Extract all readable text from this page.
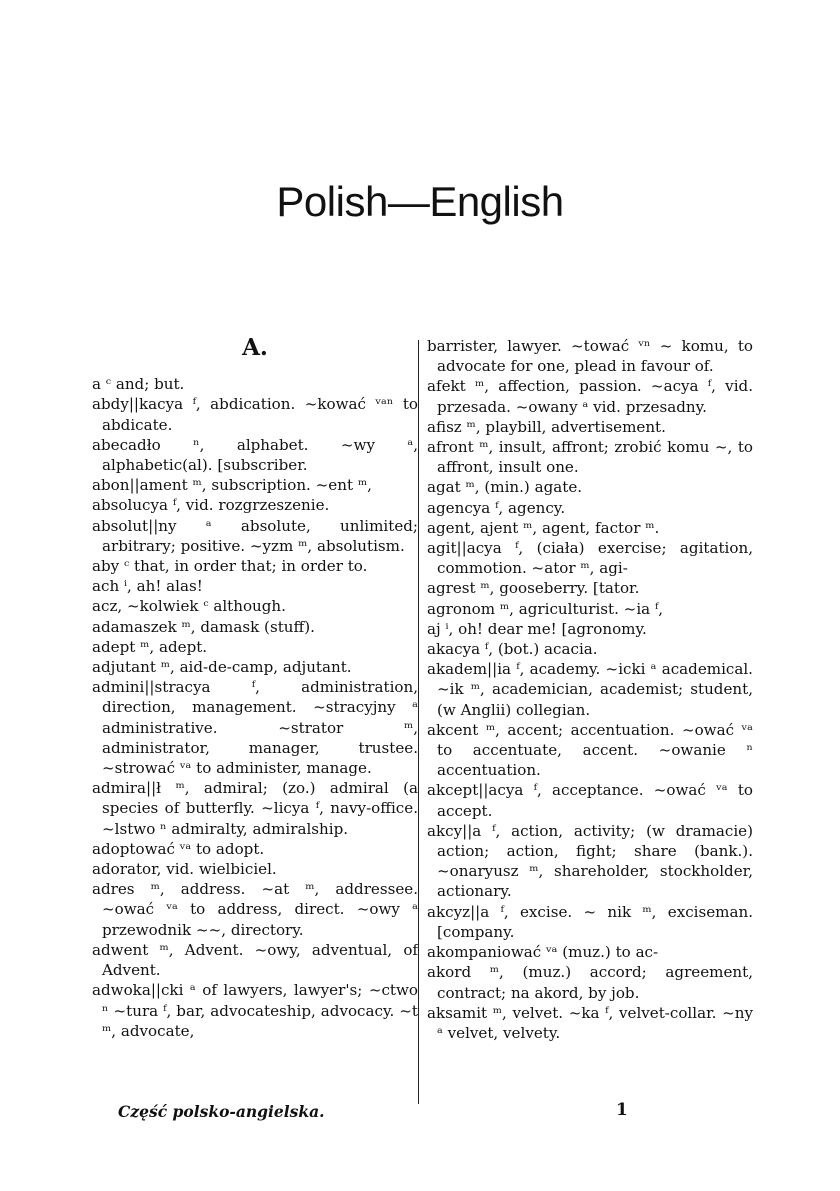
Polish—English
A.
a ᶜ and; but.
abdy||kacya ᶠ, abdication. ~kować ᵛᵃⁿ to abdicate.
abecadło ⁿ, alphabet. ~wy ᵃ, alphabetic(al). [subscriber.
abon||ament ᵐ, subscription. ~ent ᵐ,
absolucya ᶠ, vid. rozgrzeszenie.
absolut||ny ᵃ absolute, unlimited; arbitrary; positive. ~yzm ᵐ, absolutism.
aby ᶜ that, in order that; in order to.
ach ⁱ, ah! alas!
acz, ~kolwiek ᶜ although.
adamaszek ᵐ, damask (stuff).
adept ᵐ, adept.
adjutant ᵐ, aid-de-camp, adjutant.
admini||stracya ᶠ, administration, direction, management. ~stracyjny ᵃ administrative. ~strator ᵐ, administrator, manager, trustee. ~strować ᵛᵃ to administer, manage.
admira||ł ᵐ, admiral; (zo.) admiral (a species of butterfly. ~licya ᶠ, navy-office. ~lstwo ⁿ admiralty, admiralship.
adoptować ᵛᵃ to adopt.
adorator, vid. wielbiciel.
adres ᵐ, address. ~at ᵐ, addressee. ~ować ᵛᵃ to address, direct. ~owy ᵃ przewodnik ~~, directory.
adwent ᵐ, Advent. ~owy, adventual, of Advent.
adwoka||cki ᵃ of lawyers, lawyer's; ~ctwo ⁿ ~tura ᶠ, bar, advocateship, advocacy. ~t ᵐ, advocate,
barrister, lawyer. ~tować ᵛⁿ ~ komu, to advocate for one, plead in favour of.
afekt ᵐ, affection, passion. ~acya ᶠ, vid. przesada. ~owany ᵃ vid. przesadny.
afisz ᵐ, playbill, advertisement.
afront ᵐ, insult, affront; zrobić komu ~, to affront, insult one.
agat ᵐ, (min.) agate.
agencya ᶠ, agency.
agent, ajent ᵐ, agent, factor ᵐ.
agit||acya ᶠ, (ciała) exercise; agitation, commotion. ~ator ᵐ, agi-
agrest ᵐ, gooseberry. [tator.
agronom ᵐ, agriculturist. ~ia ᶠ,
aj ⁱ, oh! dear me! [agronomy.
akacya ᶠ, (bot.) acacia.
akadem||ia ᶠ, academy. ~icki ᵃ academical. ~ik ᵐ, academician, academist; student, (w Anglii) collegian.
akcent ᵐ, accent; accentuation. ~ować ᵛᵃ to accentuate, accent. ~owanie ⁿ accentuation.
akcept||acya ᶠ, acceptance. ~ować ᵛᵃ to accept.
akcy||a ᶠ, action, activity; (w dramacie) action; action, fight; share (bank.). ~onaryusz ᵐ, shareholder, stockholder, actionary.
akcyz||a ᶠ, excise. ~ nik ᵐ, exciseman. [company.
akompaniować ᵛᵃ (muz.) to ac-
akord ᵐ, (muz.) accord; agreement, contract; na akord, by job.
aksamit ᵐ, velvet. ~ka ᶠ, velvet-collar. ~ny ᵃ velvet, velvety.
Część polsko-angielska.	1
